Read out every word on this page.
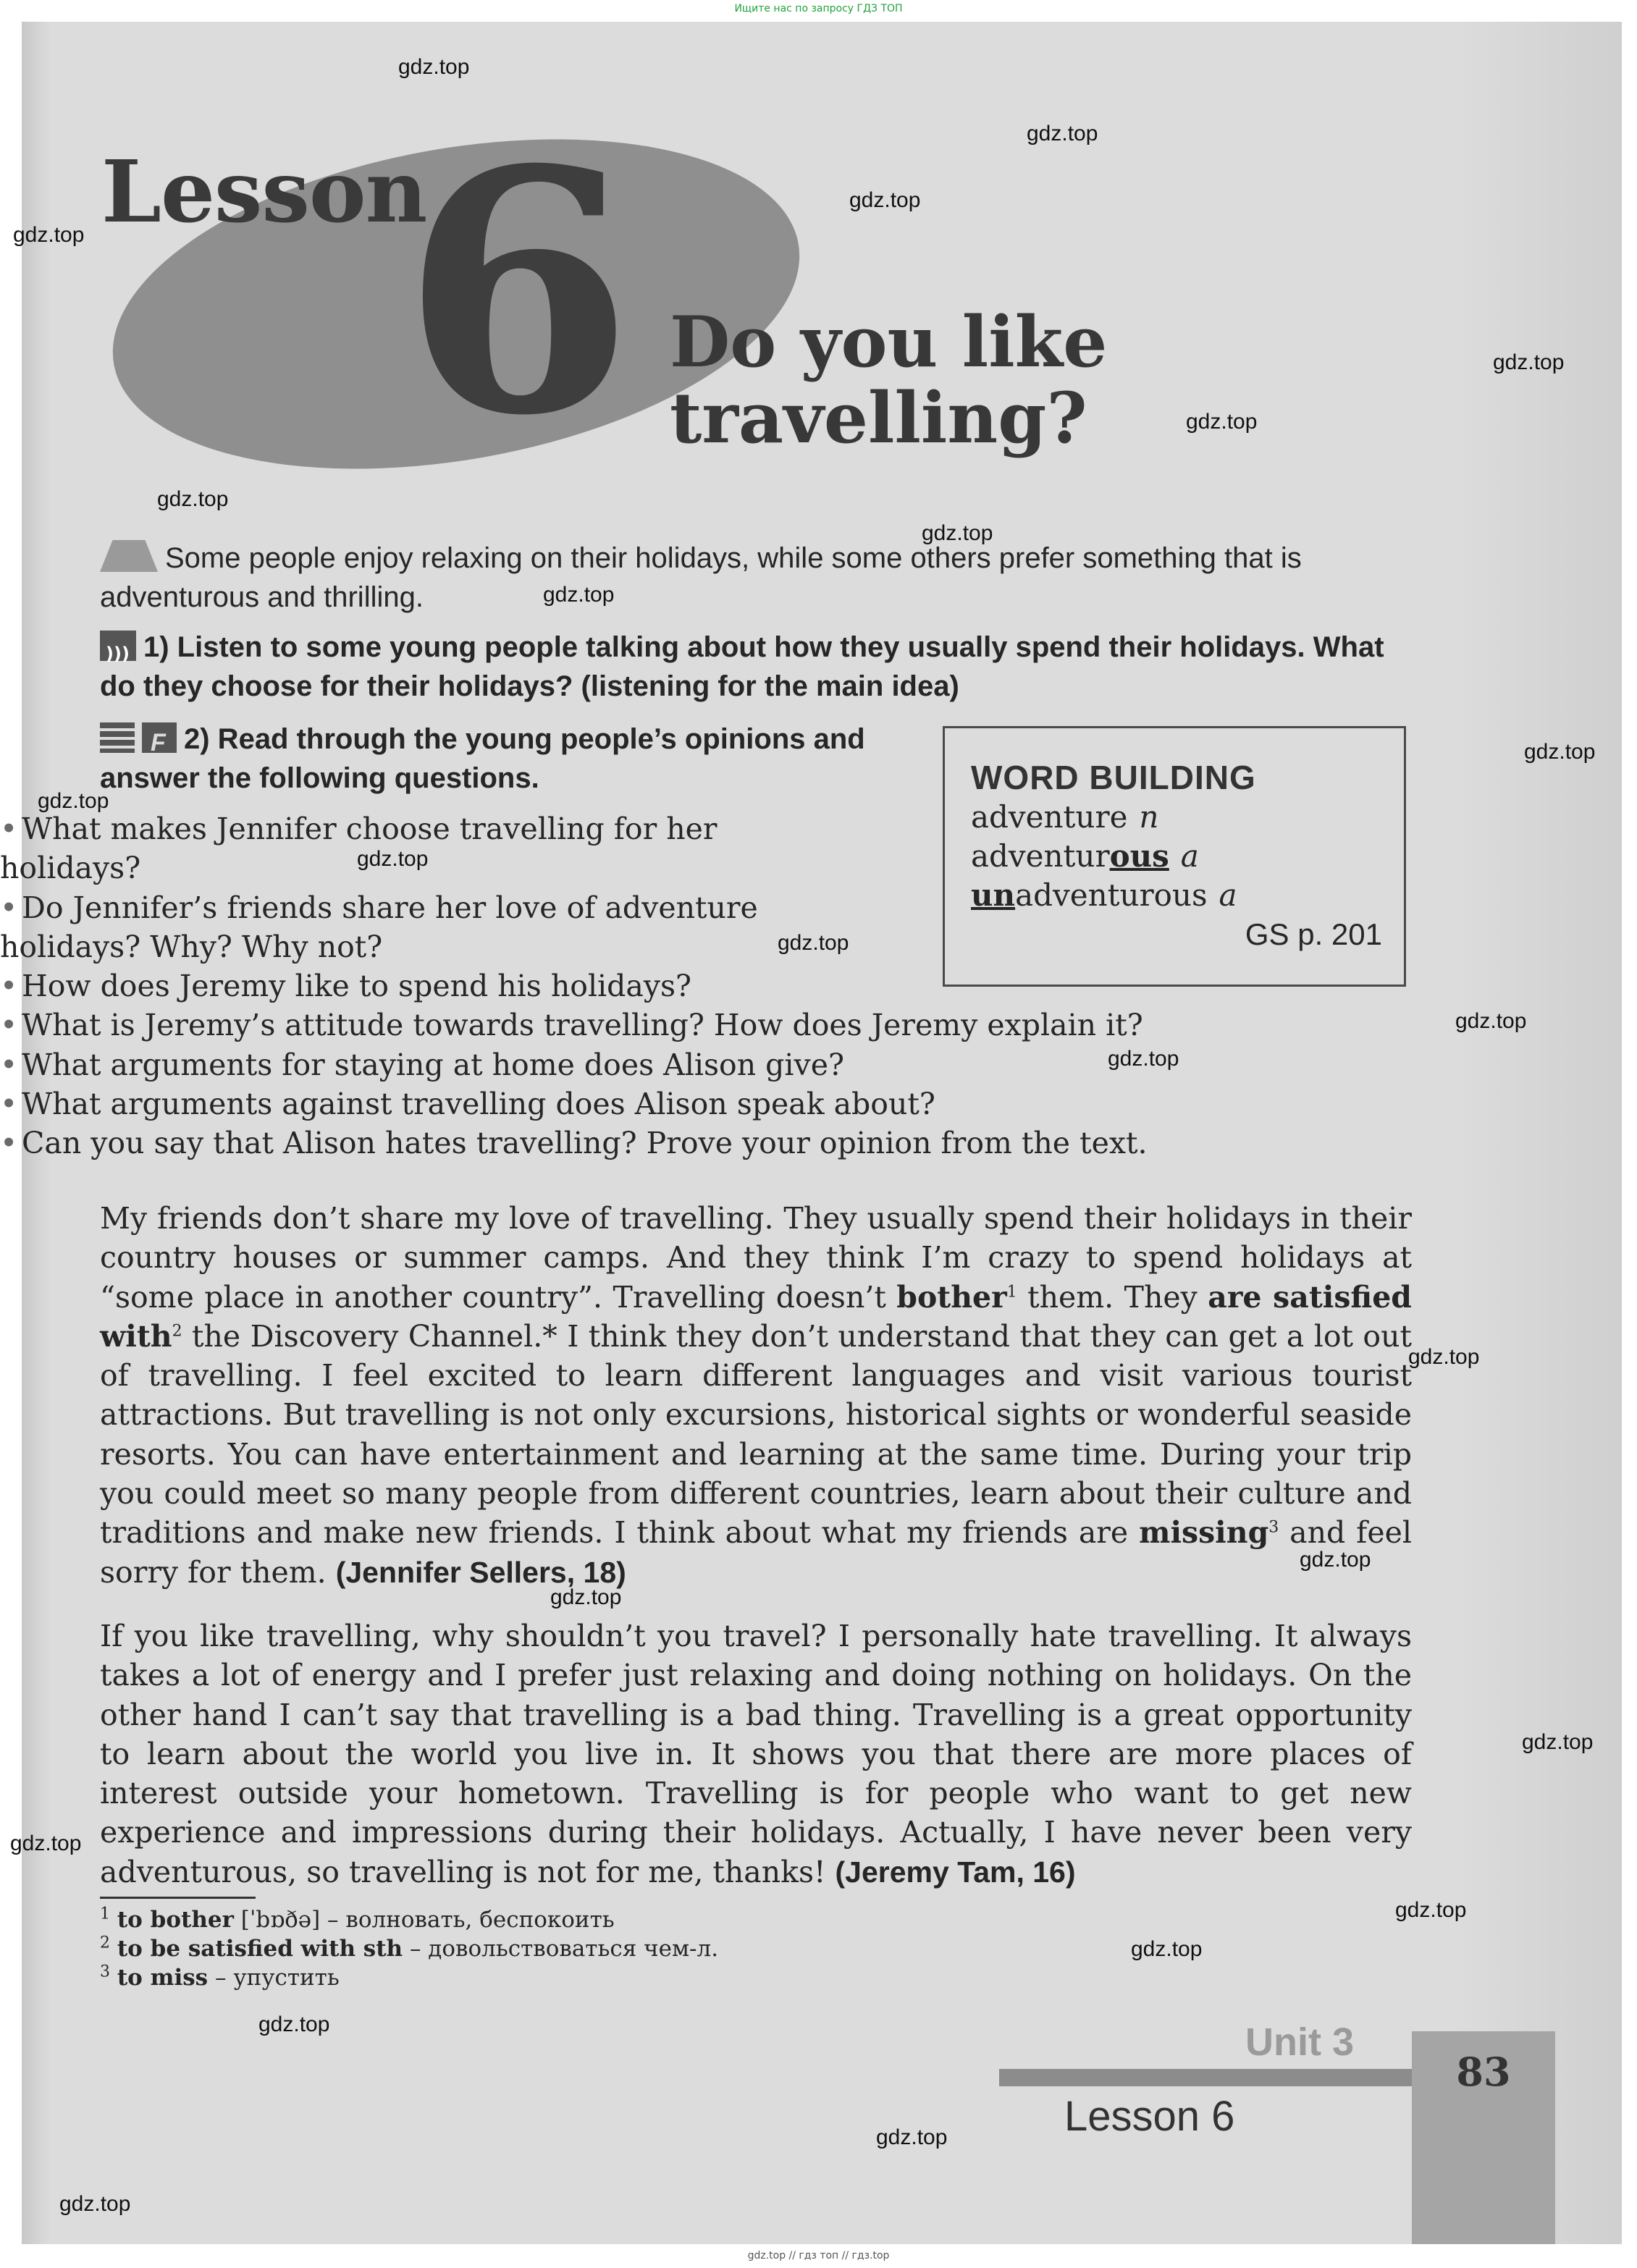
Ищите нас по запросу ГДЗ ТОП
Lesson
6 Do you like
travelling?
Some people enjoy relaxing on their holidays, while some others prefer something that is adventurous and thrilling.
)))1) Listen to some young people talking about how they usually spend their holidays. What do they choose for their holidays? (listening for the main idea)
F2) Read through the young people’s opinions and answer the following questions.
• What makes Jennifer choose travelling for her holidays?
• Do Jennifer’s friends share her love of adventure holidays? Why? Why not?
• How does Jeremy like to spend his holidays?
• What is Jeremy’s attitude towards travelling? How does Jeremy explain it?
• What arguments for staying at home does Alison give?
• What arguments against travelling does Alison speak about?
• Can you say that Alison hates travelling? Prove your opinion from the text.
WORD BUILDING
adventure n
adventurous a
unadventurous a
GS p. 201
My friends don’t share my love of travelling. They usually spend their holidays in their country houses or summer camps. And they think I’m crazy to spend holidays at “some place in another country”. Travelling doesn’t bother$^1$ them. They are satisfied with$^2$ the Discovery Channel.* I think they don’t understand that they can get a lot out of travelling. I feel excited to learn different languages and visit various tourist attractions. But travelling is not only excursions, historical sights or wonderful seaside resorts. You can have entertainment and learning at the same time. During your trip you could meet so many people from different countries, learn about their culture and traditions and make new friends. I think about what my friends are missing$^3$ and feel sorry for them. (Jennifer Sellers, 18)
If you like travelling, why shouldn’t you travel? I personally hate travelling. It always takes a lot of energy and I prefer just relaxing and doing nothing on holidays. On the other hand I can’t say that travelling is a bad thing. Travelling is a great opportunity to learn about the world you live in. It shows you that there are more places of interest outside your hometown. Travelling is for people who want to get new experience and impressions during their holidays. Actually, I have never been very adventurous, so travelling is not for me, thanks! (Jeremy Tam, 16)
$^1$ to bother [ˈbɒðə] – волновать, беспокоить
$^2$ to be satisfied with sth – довольствоваться чем-л.
$^3$ to miss – упустить
Unit 3
Lesson 6
83
gdz.top // гдз топ // гдз.top
gdz.top
gdz.top
gdz.top
gdz.top
gdz.top
gdz.top
gdz.top
gdz.top
gdz.top
gdz.top
gdz.top
gdz.top
gdz.top
gdz.top
gdz.top
gdz.top
gdz.top
gdz.top
gdz.top
gdz.top
gdz.top
gdz.top
gdz.top
gdz.top
gdz.top
